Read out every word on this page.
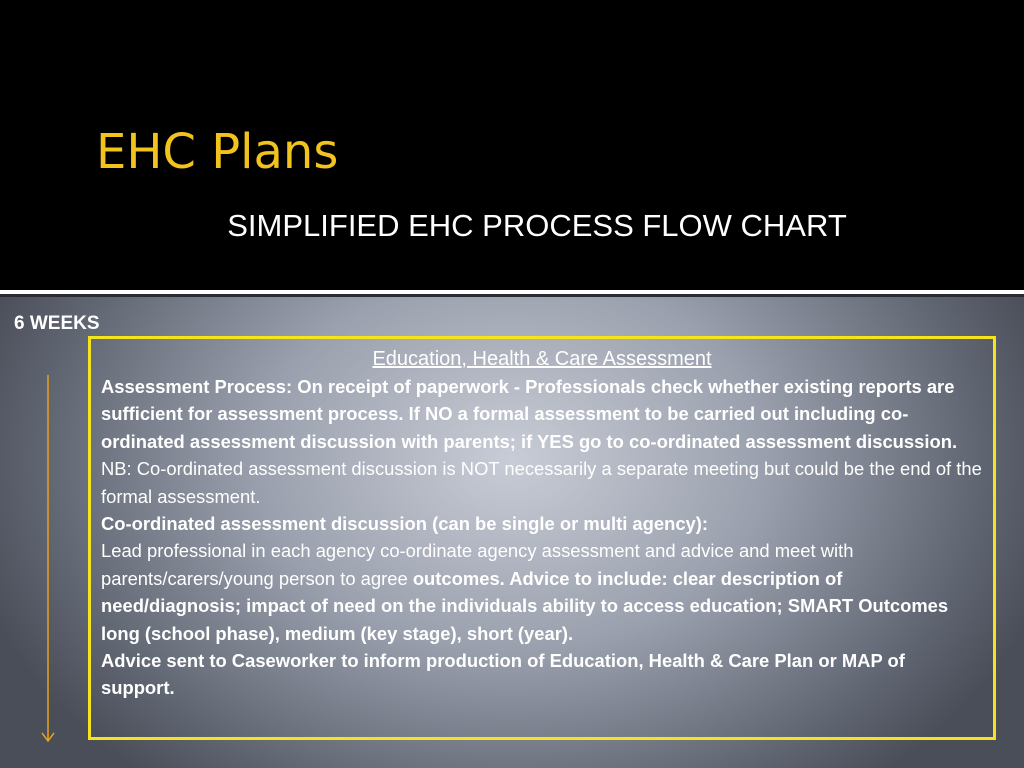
EHC Plans
SIMPLIFIED EHC PROCESS FLOW CHART
6 WEEKS
Education, Health & Care Assessment

Assessment Process: On receipt of paperwork - Professionals check whether existing reports are sufficient for assessment process. If NO a formal assessment to be carried out including co-ordinated assessment discussion with parents; if YES go to co-ordinated assessment discussion.

NB: Co-ordinated assessment discussion is NOT necessarily a separate meeting but could be the end of the formal assessment.

Co-ordinated assessment discussion (can be single or multi agency):

Lead professional in each agency co-ordinate agency assessment and advice and meet with parents/carers/young person to agree outcomes. Advice to include: clear description of need/diagnosis; impact of need on the individuals ability to access education; SMART Outcomes long (school phase), medium (key stage), short (year).

Advice sent to Caseworker to inform production of Education, Health & Care Plan or MAP of support.
